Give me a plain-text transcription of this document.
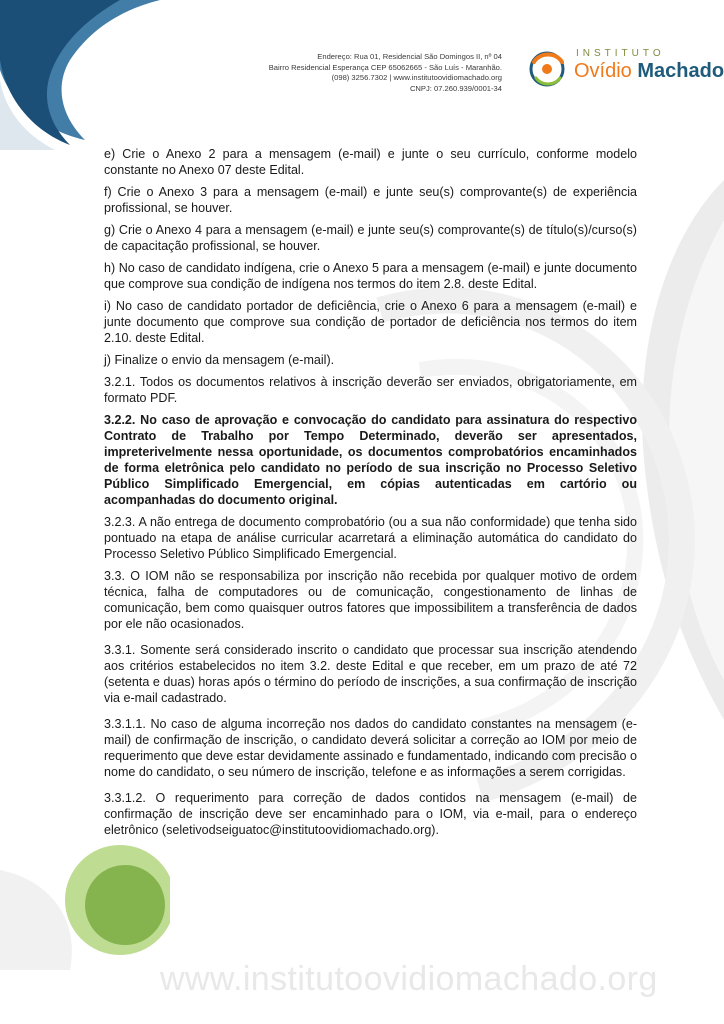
Endereço: Rua 01, Residencial São Domingos II, nº 04
Bairro Residencial Esperança CEP 65062665 - São Luís - Maranhão.
(098) 3256.7302 | www.institutoovidiomachado.org
CNPJ: 07.260.939/0001-34
INSTITUTO
Ovídio Machado

e) Crie o Anexo 2 para a mensagem (e-mail) e junte o seu currículo, conforme modelo constante no Anexo 07 deste Edital.

f) Crie o Anexo 3 para a mensagem (e-mail) e junte seu(s) comprovante(s) de experiência profissional, se houver.

g) Crie o Anexo 4 para a mensagem (e-mail) e junte seu(s) comprovante(s) de título(s)/curso(s) de capacitação profissional, se houver.

h) No caso de candidato indígena, crie o Anexo 5 para a mensagem (e-mail) e junte documento que comprove sua condição de indígena nos termos do item 2.8. deste Edital.

i) No caso de candidato portador de deficiência, crie o Anexo 6 para a mensagem (e-mail) e junte documento que comprove sua condição de portador de deficiência nos termos do item 2.10. deste Edital.

j) Finalize o envio da mensagem (e-mail).

3.2.1. Todos os documentos relativos à inscrição deverão ser enviados, obrigatoriamente, em formato PDF.

3.2.2. No caso de aprovação e convocação do candidato para assinatura do respectivo Contrato de Trabalho por Tempo Determinado, deverão ser apresentados, impreterivelmente nessa oportunidade, os documentos comprobatórios encaminhados de forma eletrônica pelo candidato no período de sua inscrição no Processo Seletivo Público Simplificado Emergencial, em cópias autenticadas em cartório ou acompanhadas do documento original.

3.2.3. A não entrega de documento comprobatório (ou a sua não conformidade) que tenha sido pontuado na etapa de análise curricular acarretará a eliminação automática do candidato do Processo Seletivo Público Simplificado Emergencial.

3.3. O IOM não se responsabiliza por inscrição não recebida por qualquer motivo de ordem técnica, falha de computadores ou de comunicação, congestionamento de linhas de comunicação, bem como quaisquer outros fatores que impossibilitem a transferência de dados por ele não ocasionados.

3.3.1. Somente será considerado inscrito o candidato que processar sua inscrição atendendo aos critérios estabelecidos no item 3.2. deste Edital e que receber, em um prazo de até 72 (setenta e duas) horas após o término do período de inscrições, a sua confirmação de inscrição via e-mail cadastrado.

3.3.1.1. No caso de alguma incorreção nos dados do candidato constantes na mensagem (e-mail) de confirmação de inscrição, o candidato deverá solicitar a correção ao IOM por meio de requerimento que deve estar devidamente assinado e fundamentado, indicando com precisão o nome do candidato, o seu número de inscrição, telefone e as informações a serem corrigidas.

3.3.1.2. O requerimento para correção de dados contidos na mensagem (e-mail) de confirmação de inscrição deve ser encaminhado para o IOM, via e-mail, para o endereço eletrônico (seletivodseiguatoc@institutoovidiomachado.org).

www.institutoovidiomachado.org
